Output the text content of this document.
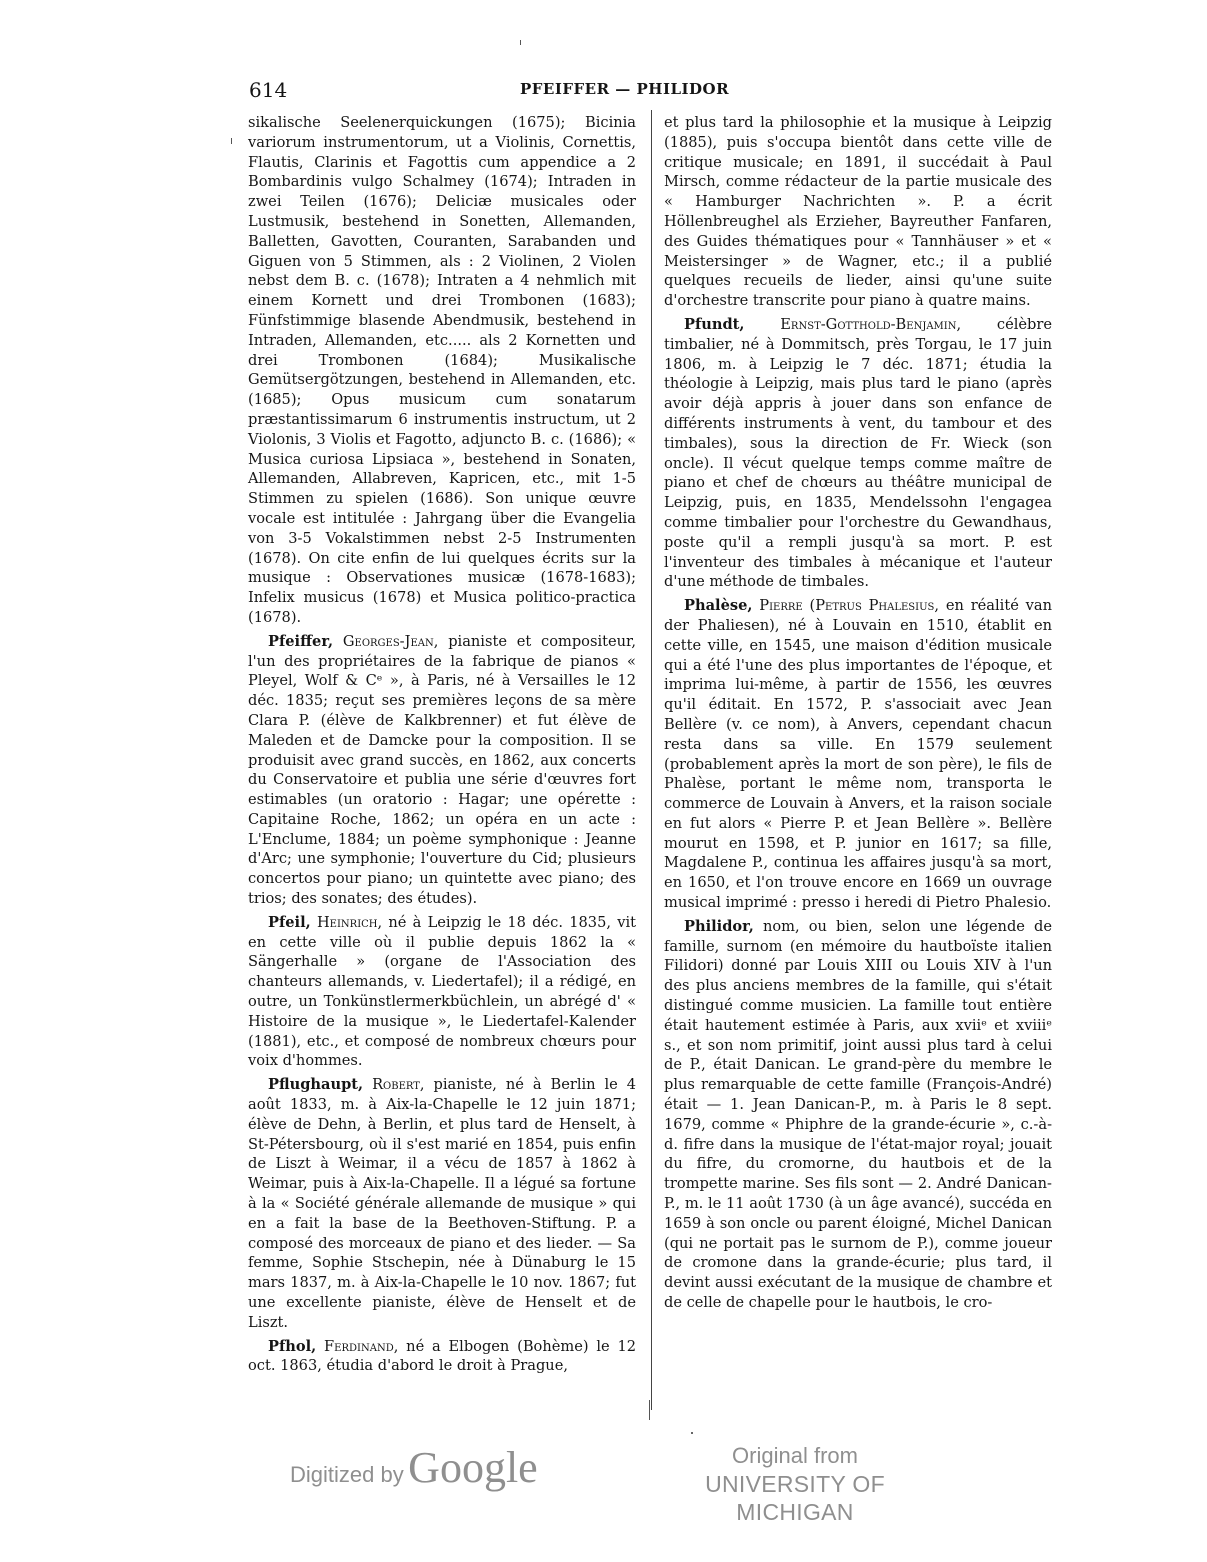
614	PFEIFFER — PHILIDOR

sikalische Seelenerquickungen (1675); Bicinia variorum instrumentorum, ut a Violinis, Cornettis, Flautis, Clarinis et Fagottis cum appendice a 2 Bombardinis vulgo Schalmey (1674); Intraden in zwei Teilen (1676); Deliciæ musicales oder Lustmusik, bestehend in Sonetten, Allemanden, Balletten, Gavotten, Couranten, Sarabanden und Giguen von 5 Stimmen, als : 2 Violinen, 2 Violen nebst dem B. c. (1678); Intraten a 4 nehmlich mit einem Kornett und drei Trombonen (1683); Fünfstimmige blasende Abendmusik, bestehend in Intraden, Allemanden, etc..... als 2 Kornetten und drei Trombonen (1684); Musikalische Gemütsergötzungen, bestehend in Allemanden, etc. (1685); Opus musicum cum sonatarum præstantissimarum 6 instrumentis instructum, ut 2 Violonis, 3 Violis et Fagotto, adjuncto B. c. (1686); « Musica curiosa Lipsiaca », bestehend in Sonaten, Allemanden, Allabreven, Kapricen, etc., mit 1-5 Stimmen zu spielen (1686). Son unique œuvre vocale est intitulée : Jahrgang über die Evangelia von 3-5 Vokalstimmen nebst 2-5 Instrumenten (1678). On cite enfin de lui quelques écrits sur la musique : Observationes musicæ (1678-1683); Infelix musicus (1678) et Musica politico-practica (1678).

Pfeiffer, Georges-Jean, pianiste et compositeur, l'un des propriétaires de la fabrique de pianos « Pleyel, Wolf & Cᵉ », à Paris, né à Versailles le 12 déc. 1835; reçut ses premières leçons de sa mère Clara P. (élève de Kalkbrenner) et fut élève de Maleden et de Damcke pour la composition. Il se produisit avec grand succès, en 1862, aux concerts du Conservatoire et publia une série d'œuvres fort estimables (un oratorio : Hagar; une opérette : Capitaine Roche, 1862; un opéra en un acte : L'Enclume, 1884; un poème symphonique : Jeanne d'Arc; une symphonie; l'ouverture du Cid; plusieurs concertos pour piano; un quintette avec piano; des trios; des sonates; des études).

Pfeil, Heinrich, né à Leipzig le 18 déc. 1835, vit en cette ville où il publie depuis 1862 la « Sängerhalle » (organe de l'Association des chanteurs allemands, v. Liedertafel); il a rédigé, en outre, un Tonkünstlermerkbüchlein, un abrégé d' « Histoire de la musique », le Liedertafel-Kalender (1881), etc., et composé de nombreux chœurs pour voix d'hommes.

Pflughaupt, Robert, pianiste, né à Berlin le 4 août 1833, m. à Aix-la-Chapelle le 12 juin 1871; élève de Dehn, à Berlin, et plus tard de Henselt, à St-Pétersbourg, où il s'est marié en 1854, puis enfin de Liszt à Weimar, il a vécu de 1857 à 1862 à Weimar, puis à Aix-la-Chapelle. Il a légué sa fortune à la « Société générale allemande de musique » qui en a fait la base de la Beethoven-Stiftung. P. a composé des morceaux de piano et des lieder. — Sa femme, Sophie Stschepin, née à Dünaburg le 15 mars 1837, m. à Aix-la-Chapelle le 10 nov. 1867; fut une excellente pianiste, élève de Henselt et de Liszt.

Pfhol, Ferdinand, né a Elbogen (Bohème) le 12 oct. 1863, étudia d'abord le droit à Prague,

et plus tard la philosophie et la musique à Leipzig (1885), puis s'occupa bientôt dans cette ville de critique musicale; en 1891, il succédait à Paul Mirsch, comme rédacteur de la partie musicale des « Hamburger Nachrichten ». P. a écrit Höllenbreughel als Erzieher, Bayreuther Fanfaren, des Guides thématiques pour « Tannhäuser » et « Meistersinger » de Wagner, etc.; il a publié quelques recueils de lieder, ainsi qu'une suite d'orchestre transcrite pour piano à quatre mains.

Pfundt, Ernst-Gotthold-Benjamin, célèbre timbalier, né à Dommitsch, près Torgau, le 17 juin 1806, m. à Leipzig le 7 déc. 1871; étudia la théologie à Leipzig, mais plus tard le piano (après avoir déjà appris à jouer dans son enfance de différents instruments à vent, du tambour et des timbales), sous la direction de Fr. Wieck (son oncle). Il vécut quelque temps comme maître de piano et chef de chœurs au théâtre municipal de Leipzig, puis, en 1835, Mendelssohn l'engagea comme timbalier pour l'orchestre du Gewandhaus, poste qu'il a rempli jusqu'à sa mort. P. est l'inventeur des timbales à mécanique et l'auteur d'une méthode de timbales.

Phalèse, Pierre (Petrus Phalesius, en réalité van der Phaliesen), né à Louvain en 1510, établit en cette ville, en 1545, une maison d'édition musicale qui a été l'une des plus importantes de l'époque, et imprima lui-même, à partir de 1556, les œuvres qu'il éditait. En 1572, P. s'associait avec Jean Bellère (v. ce nom), à Anvers, cependant chacun resta dans sa ville. En 1579 seulement (probablement après la mort de son père), le fils de Phalèse, portant le même nom, transporta le commerce de Louvain à Anvers, et la raison sociale en fut alors « Pierre P. et Jean Bellère ». Bellère mourut en 1598, et P. junior en 1617; sa fille, Magdalene P., continua les affaires jusqu'à sa mort, en 1650, et l'on trouve encore en 1669 un ouvrage musical imprimé : presso i heredi di Pietro Phalesio.

Philidor, nom, ou bien, selon une légende de famille, surnom (en mémoire du hautboïste italien Filidori) donné par Louis XIII ou Louis XIV à l'un des plus anciens membres de la famille, qui s'était distingué comme musicien. La famille tout entière était hautement estimée à Paris, aux xviiᵉ et xviiiᵉ s., et son nom primitif, joint aussi plus tard à celui de P., était Danican. Le grand-père du membre le plus remarquable de cette famille (François-André) était — 1. Jean Danican-P., m. à Paris le 8 sept. 1679, comme « Phiphre de la grande-écurie », c.-à-d. fifre dans la musique de l'état-major royal; jouait du fifre, du cromorne, du hautbois et de la trompette marine. Ses fils sont — 2. André Danican-P., m. le 11 août 1730 (à un âge avancé), succéda en 1659 à son oncle ou parent éloigné, Michel Danican (qui ne portait pas le surnom de P.), comme joueur de cromone dans la grande-écurie; plus tard, il devint aussi exécutant de la musique de chambre et de celle de chapelle pour le hautbois, le cro-

Digitized by Google	Original from
UNIVERSITY OF MICHIGAN
